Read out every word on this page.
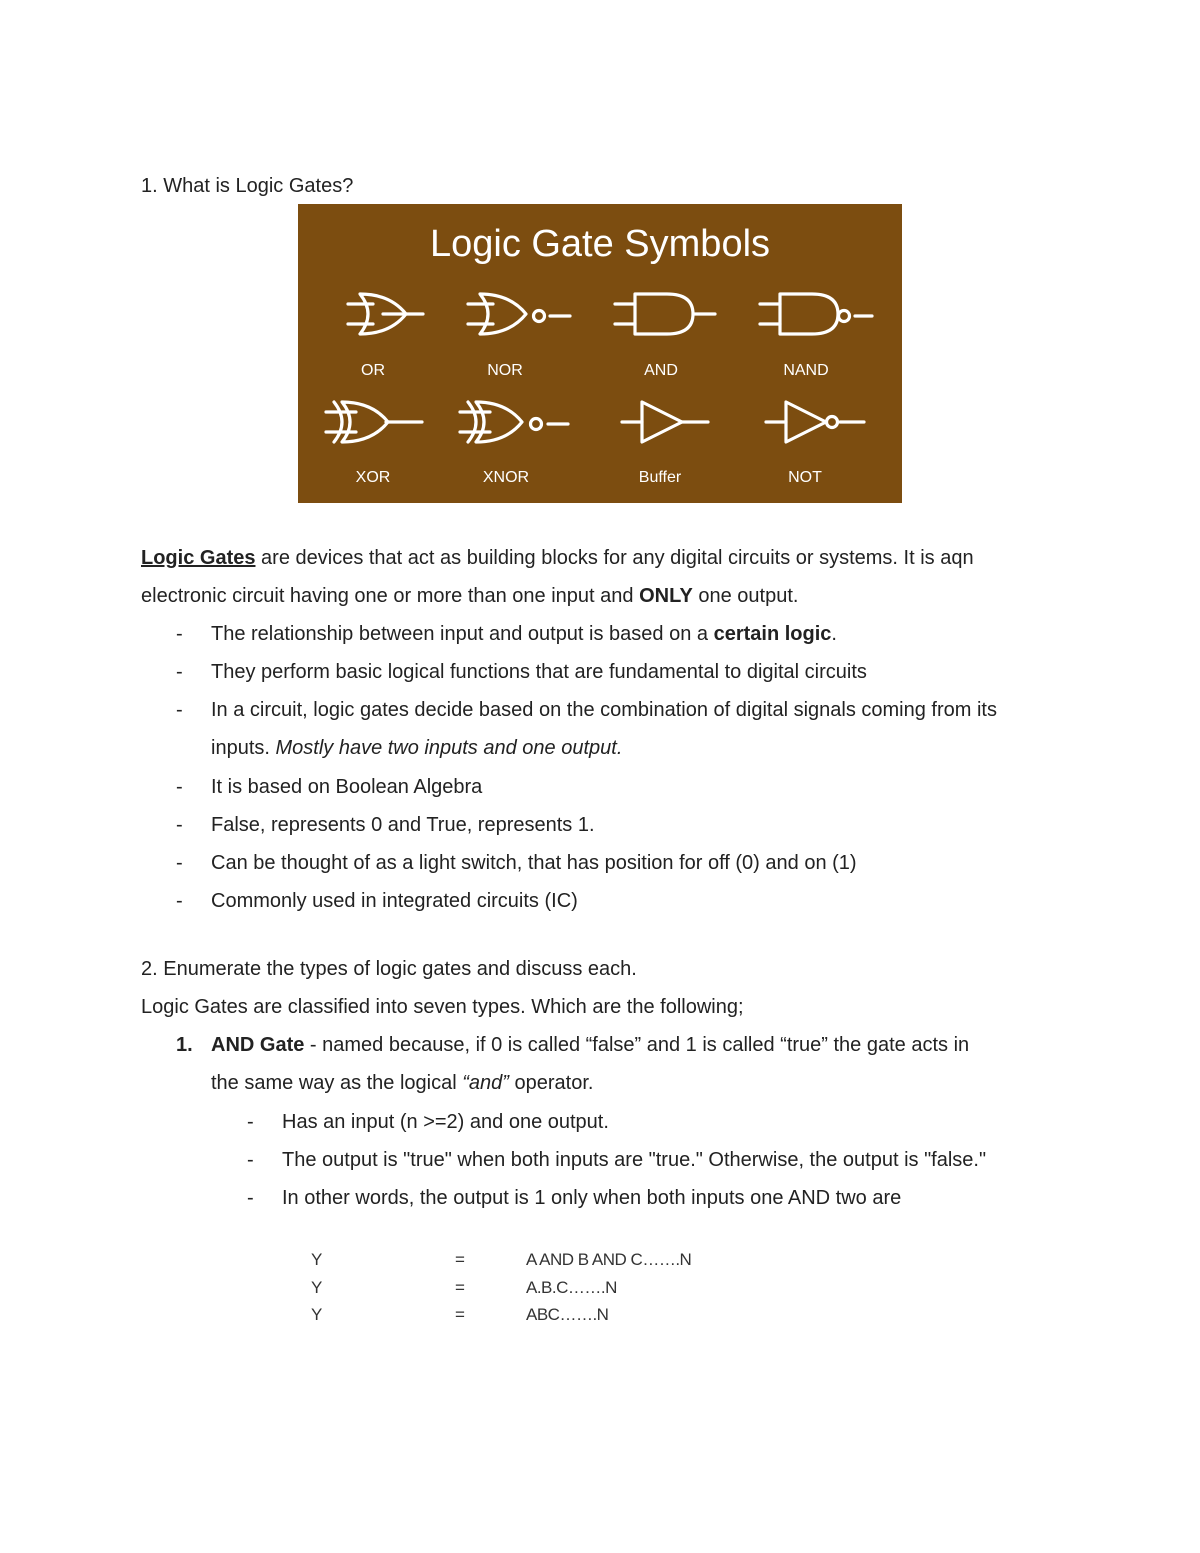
1. What is Logic Gates?
Logic Gate Symbols
OR	NOR	AND	NAND
XOR	XNOR	Buffer	NOT
Logic Gates are devices that act as building blocks for any digital circuits or systems. It is aqn
electronic circuit having one or more than one input and ONLY one output.
- The relationship between input and output is based on a certain logic.
- They perform basic logical functions that are fundamental to digital circuits
- In a circuit, logic gates decide based on the combination of digital signals coming from its
inputs. Mostly have two inputs and one output.
- It is based on Boolean Algebra
- False, represents 0 and True, represents 1.
- Can be thought of as a light switch, that has position for off (0) and on (1)
- Commonly used in integrated circuits (IC)
2. Enumerate the types of logic gates and discuss each.
Logic Gates are classified into seven types. Which are the following;
1. AND Gate - named because, if 0 is called “false” and 1 is called “true” the gate acts in
the same way as the logical “and” operator.
- Has an input (n >=2) and one output.
- The output is "true" when both inputs are "true." Otherwise, the output is "false."
- In other words, the output is 1 only when both inputs one AND two are
Y	=	A AND B AND C…….N
Y	=	A.B.C…….N
Y	=	ABC…….N
